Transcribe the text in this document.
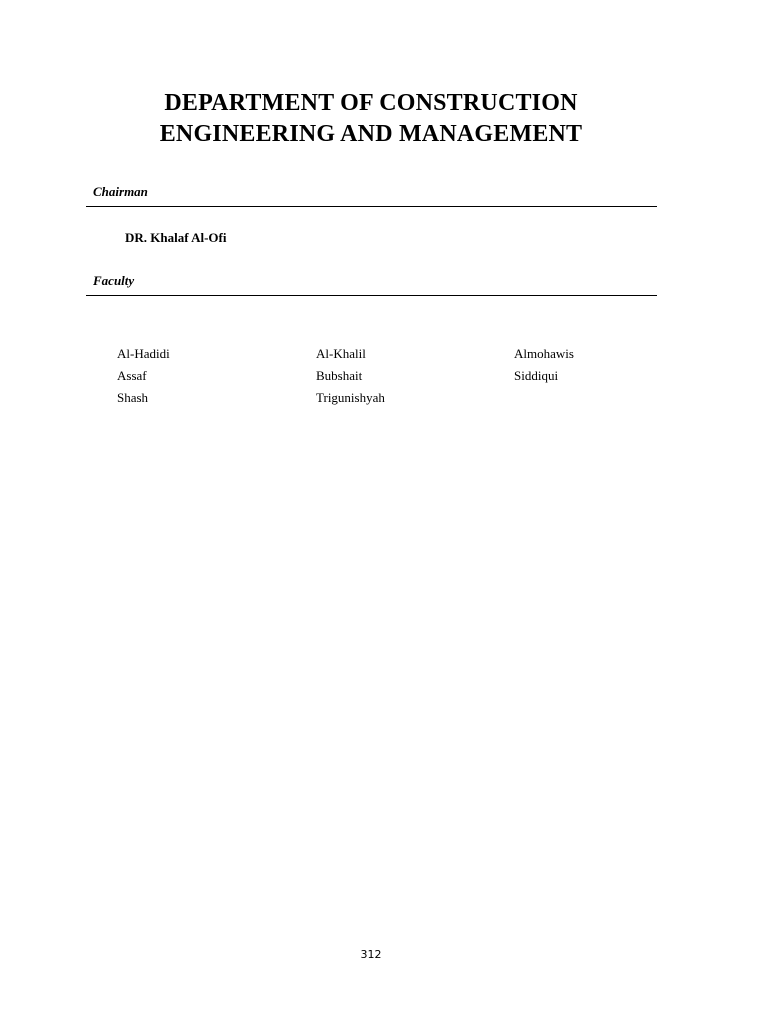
DEPARTMENT OF CONSTRUCTION
ENGINEERING AND MANAGEMENT
Chairman
DR. Khalaf Al-Ofi
Faculty
Al-Hadidi	Al-Khalil	Almohawis
Assaf	Bubshait	Siddiqui
Shash	Trigunishyah
312
